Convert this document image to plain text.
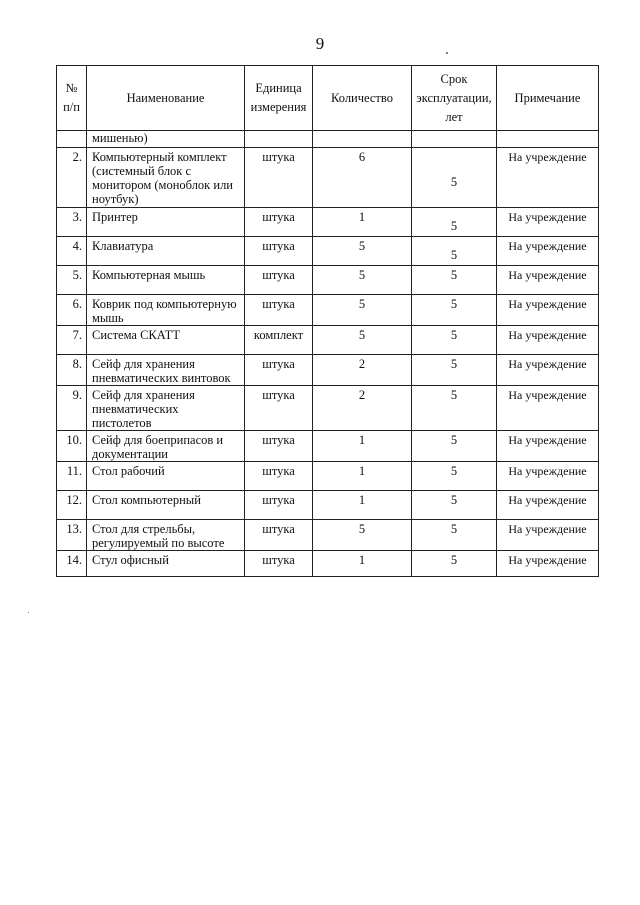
9
№ п/п	Наименование	Единица измерения	Количество	Срок эксплуатации, лет	Примечание
	мишенью)				
2.	Компьютерный комплект (системный блок с монитором (моноблок или ноутбук)	штука	6	5	На учреждение
3.	Принтер	штука	1	5	На учреждение
4.	Клавиатура	штука	5	5	На учреждение
5.	Компьютерная мышь	штука	5	5	На учреждение
6.	Коврик под компьютерную мышь	штука	5	5	На учреждение
7.	Система СКАТТ	комплект	5	5	На учреждение
8.	Сейф для хранения пневматических винтовок	штука	2	5	На учреждение
9.	Сейф для хранения пневматических пистолетов	штука	2	5	На учреждение
10.	Сейф для боеприпасов и документации	штука	1	5	На учреждение
11.	Стол рабочий	штука	1	5	На учреждение
12.	Стол компьютерный	штука	1	5	На учреждение
13.	Стол для стрельбы, регулируемый по высоте	штука	5	5	На учреждение
14.	Стул офисный	штука	1	5	На учреждение
